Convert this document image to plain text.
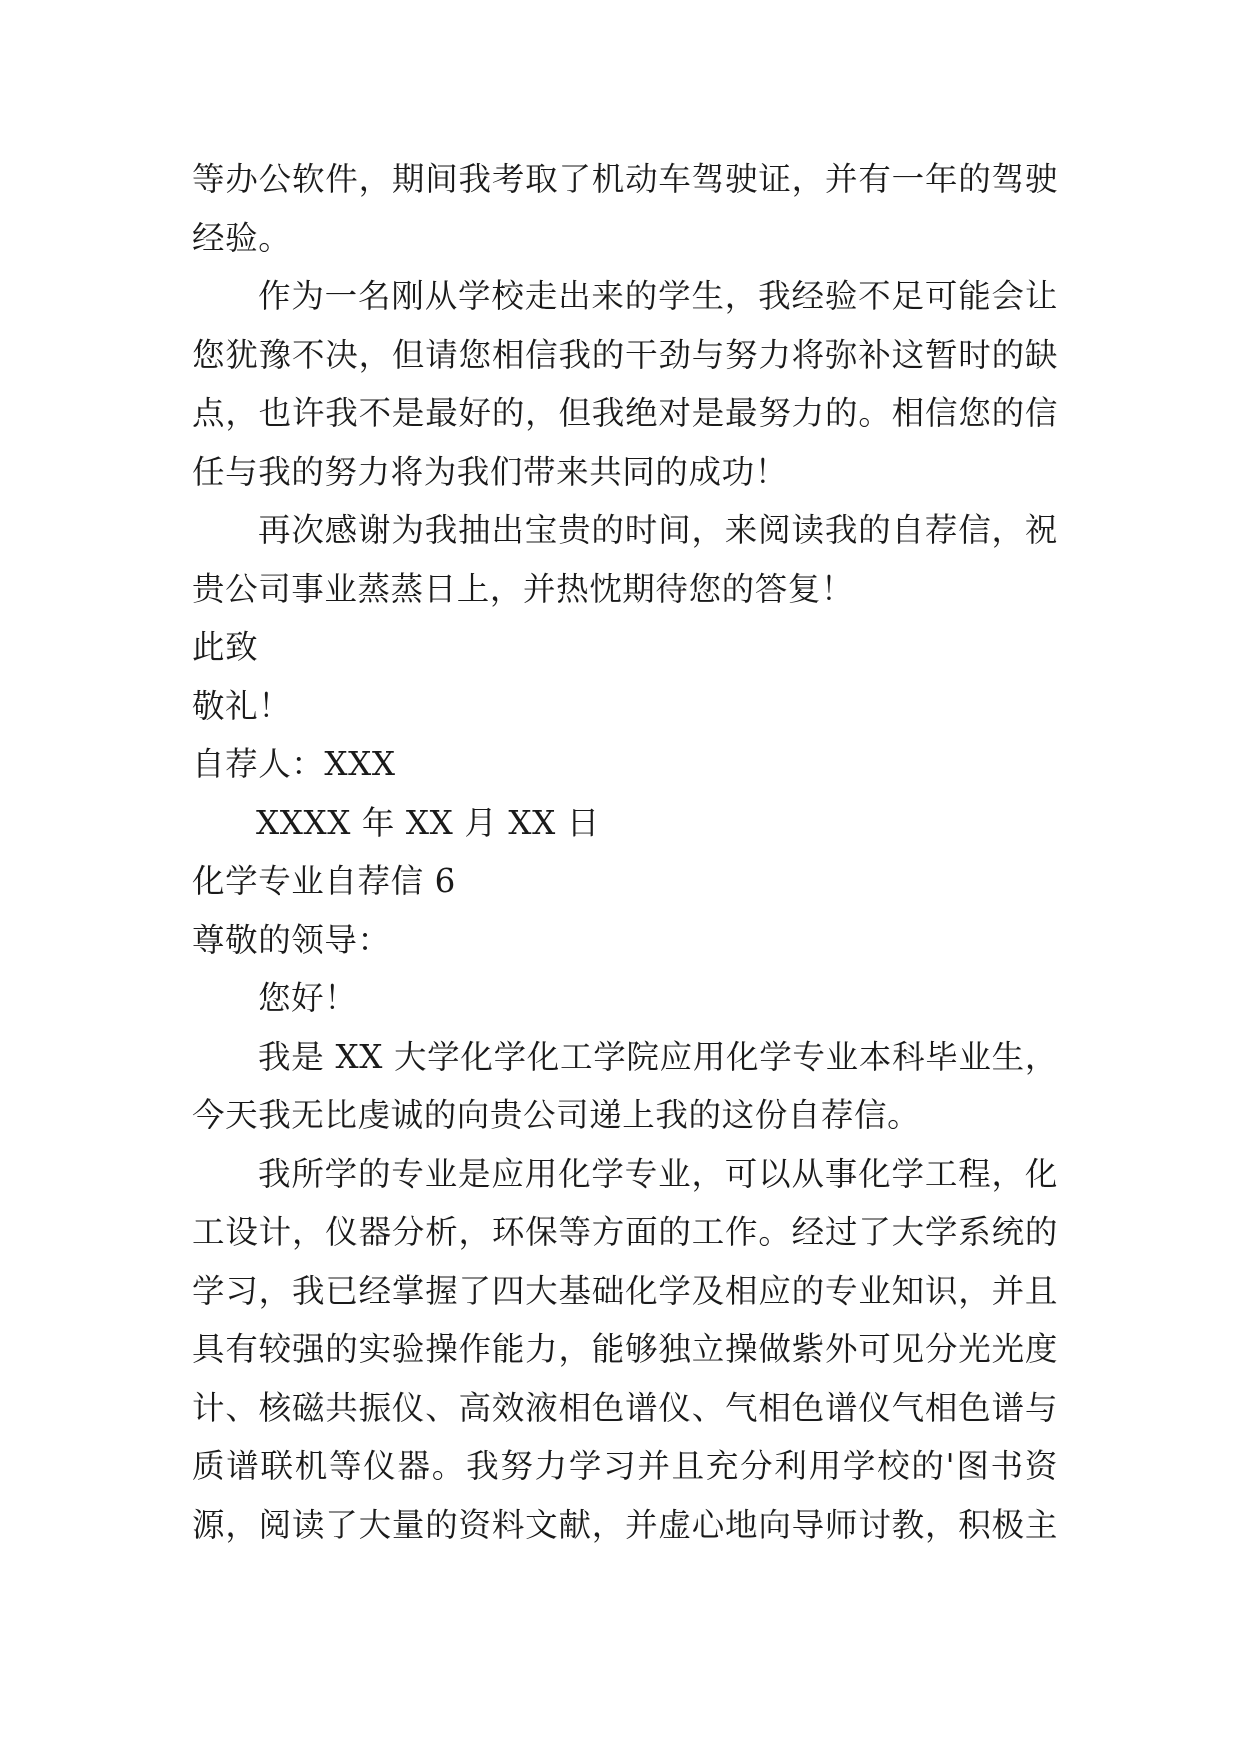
等办公软件，期间我考取了机动车驾驶证，并有一年的驾驶
经验。
作为一名刚从学校走出来的学生，我经验不足可能会让
您犹豫不决，但请您相信我的干劲与努力将弥补这暂时的缺
点，也许我不是最好的，但我绝对是最努力的。相信您的信
任与我的努力将为我们带来共同的成功！
再次感谢为我抽出宝贵的时间，来阅读我的自荐信，祝
贵公司事业蒸蒸日上，并热忱期待您的答复！
此致
敬礼！
自荐人：XXX
XXXX 年 XX 月 XX 日
化学专业自荐信 6
尊敬的领导：
您好！
我是 XX 大学化学化工学院应用化学专业本科毕业生，
今天我无比虔诚的向贵公司递上我的这份自荐信。
我所学的专业是应用化学专业，可以从事化学工程，化
工设计，仪器分析，环保等方面的工作。经过了大学系统的
学习，我已经掌握了四大基础化学及相应的专业知识，并且
具有较强的实验操作能力，能够独立操做紫外可见分光光度
计、核磁共振仪、高效液相色谱仪、气相色谱仪气相色谱与
质谱联机等仪器。我努力学习并且充分利用学校的'图书资
源，阅读了大量的资料文献，并虚心地向导师讨教，积极主
